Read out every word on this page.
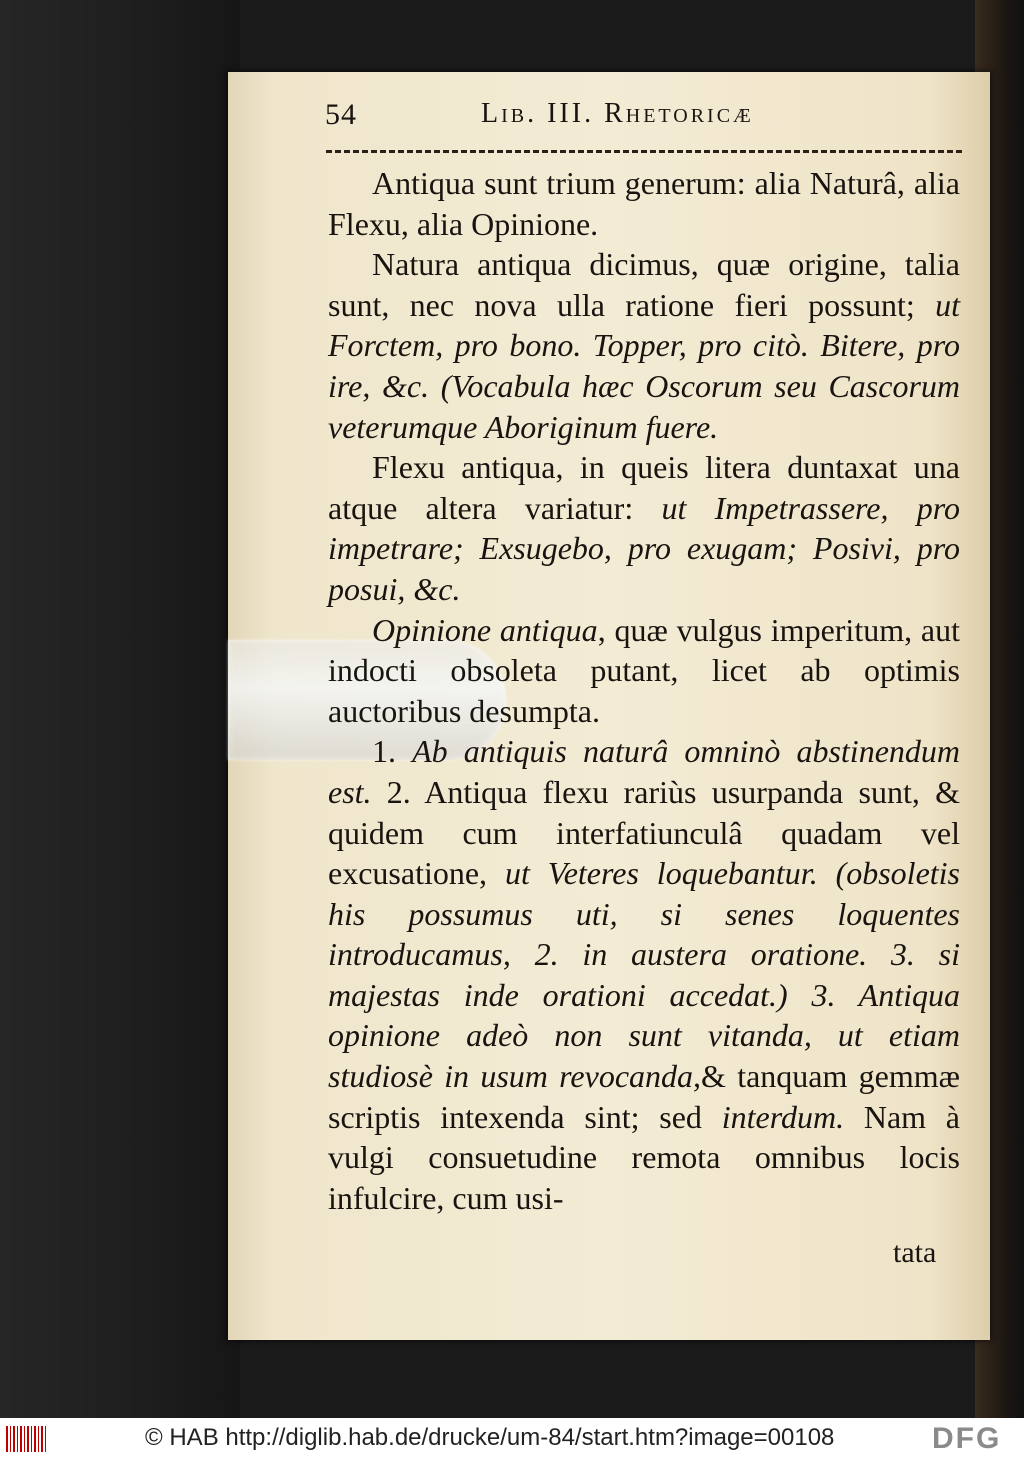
54	Lib. III. Rhetoricæ

Antiqua sunt trium generum: alia Naturâ, alia Flexu, alia Opinione.

Natura antiqua dicimus, quæ origine, talia sunt, nec nova ulla ratione fieri possunt; ut Forctem, pro bono. Topper, pro citò. Bitere, pro ire, &c. (Vocabula hæc Oscorum seu Cascorum veterumque Aboriginum fuere.

Flexu antiqua, in queis litera duntaxat una atque altera variatur: ut Impetrassere, pro impetrare; Exsugebo, pro exugam; Posivi, pro posui, &c.

Opinione antiqua, quæ vulgus imperitum, aut indocti obsoleta putant, licet ab optimis auctoribus desumpta.

1. Ab antiquis naturâ omninò abstinendum est. 2. Antiqua flexu rariùs usurpanda sunt, & quidem cum interfatiunculâ quadam vel excusatione, ut Veteres loquebantur. (obsoletis his possumus uti, si senes loquentes introducamus, 2. in austera oratione. 3. si majestas inde orationi accedat.) 3. Antiqua opinione adeò non sunt vitanda, ut etiam studiosè in usum revocanda,& tanquam gemmæ scriptis intexenda sint; sed interdum. Nam à vulgi consuetudine remota omnibus locis infulcire, cum usi-

tata
© HAB http://diglib.hab.de/drucke/um-84/start.htm?image=00108	DFG
